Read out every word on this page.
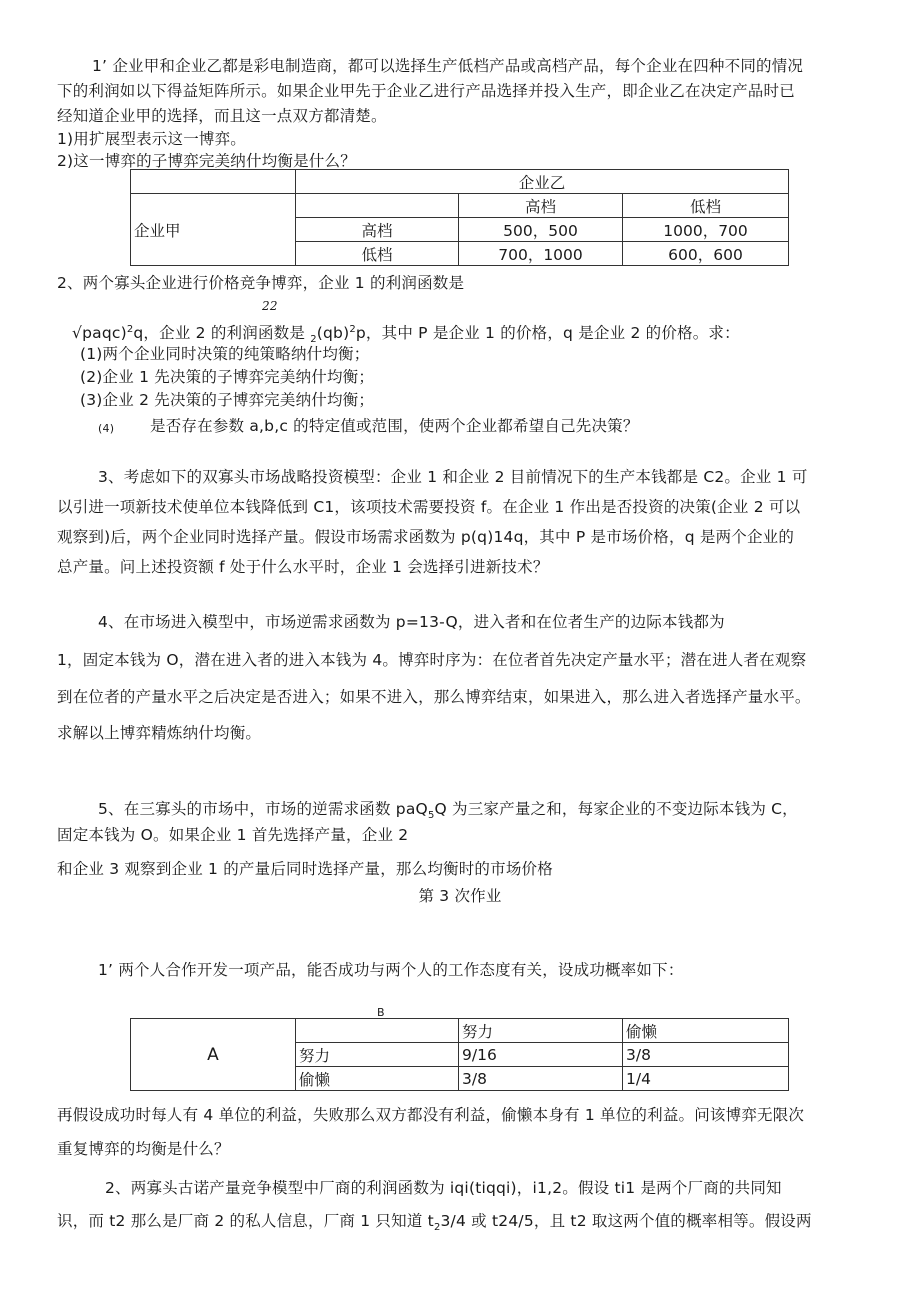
1’ 企业甲和企业乙都是彩电制造商，都可以选择生产低档产品或高档产品，每个企业在四种不同的情况
下的利润如以下得益矩阵所示。如果企业甲先于企业乙进行产品选择并投入生产，即企业乙在决定产品时已
经知道企业甲的选择，而且这一点双方都清楚。
1)用扩展型表示这一博弈。
2)这一博弈的子博弈完美纳什均衡是什么？
	企业乙		
企业甲		高档	低档
	高档	500，500	1000，700
	低档	700，1000	600，600
2、两个寡头企业进行价格竞争博弈，企业 1 的利润函数是
22
√paqc)$^2$q，企业 2 的利润函数是 $_2$(qb)$^2$p，其中 P 是企业 1 的价格，q 是企业 2 的价格。求：
(1)两个企业同时决策的纯策略纳什均衡；
(2)企业 1 先决策的子博弈完美纳什均衡；
(3)企业 2 先决策的子博弈完美纳什均衡；
(4) 是否存在参数 a,b,c 的特定值或范围，使两个企业都希望自己先决策？
3、考虑如下的双寡头市场战略投资模型：企业 1 和企业 2 目前情况下的生产本钱都是 C2。企业 1 可
以引进一项新技术使单位本钱降低到 C1，该项技术需要投资 f。在企业 1 作出是否投资的决策(企业 2 可以
观察到)后，两个企业同时选择产量。假设市场需求函数为 p(q)14q，其中 P 是市场价格，q 是两个企业的
总产量。问上述投资额 f 处于什么水平时，企业 1 会选择引进新技术？
4、在市场进入模型中，市场逆需求函数为 p=13-Q，进入者和在位者生产的边际本钱都为
1，固定本钱为 O，潜在进入者的进入本钱为 4。博弈时序为：在位者首先决定产量水平；潜在进人者在观察
到在位者的产量水平之后决定是否进入；如果不进入，那么博弈结束，如果进入，那么进入者选择产量水平。
求解以上博弈精炼纳什均衡。
5、在三寡头的市场中，市场的逆需求函数 paQ$_5$Q 为三家产量之和，每家企业的不变边际本钱为 C，
固定本钱为 O。如果企业 1 首先选择产量，企业 2
和企业 3 观察到企业 1 的产量后同时选择产量，那么均衡时的市场价格
第 3 次作业
1’ 两个人合作开发一项产品，能否成功与两个人的工作态度有关，设成功概率如下：
B
A		努力	偷懒
	努力	9/16	3/8
	偷懒	3/8	1/4
再假设成功时每人有 4 单位的利益，失败那么双方都没有利益，偷懒本身有 1 单位的利益。问该博弈无限次
重复博弈的均衡是什么？
2、两寡头古诺产量竞争模型中厂商的利润函数为 iqi(tiqqi)，i1,2。假设 ti1 是两个厂商的共同知
识，而 t2 那么是厂商 2 的私人信息，厂商 1 只知道 $t_23/4$ 或 t24/5，且 t2 取这两个值的概率相等。假设两
